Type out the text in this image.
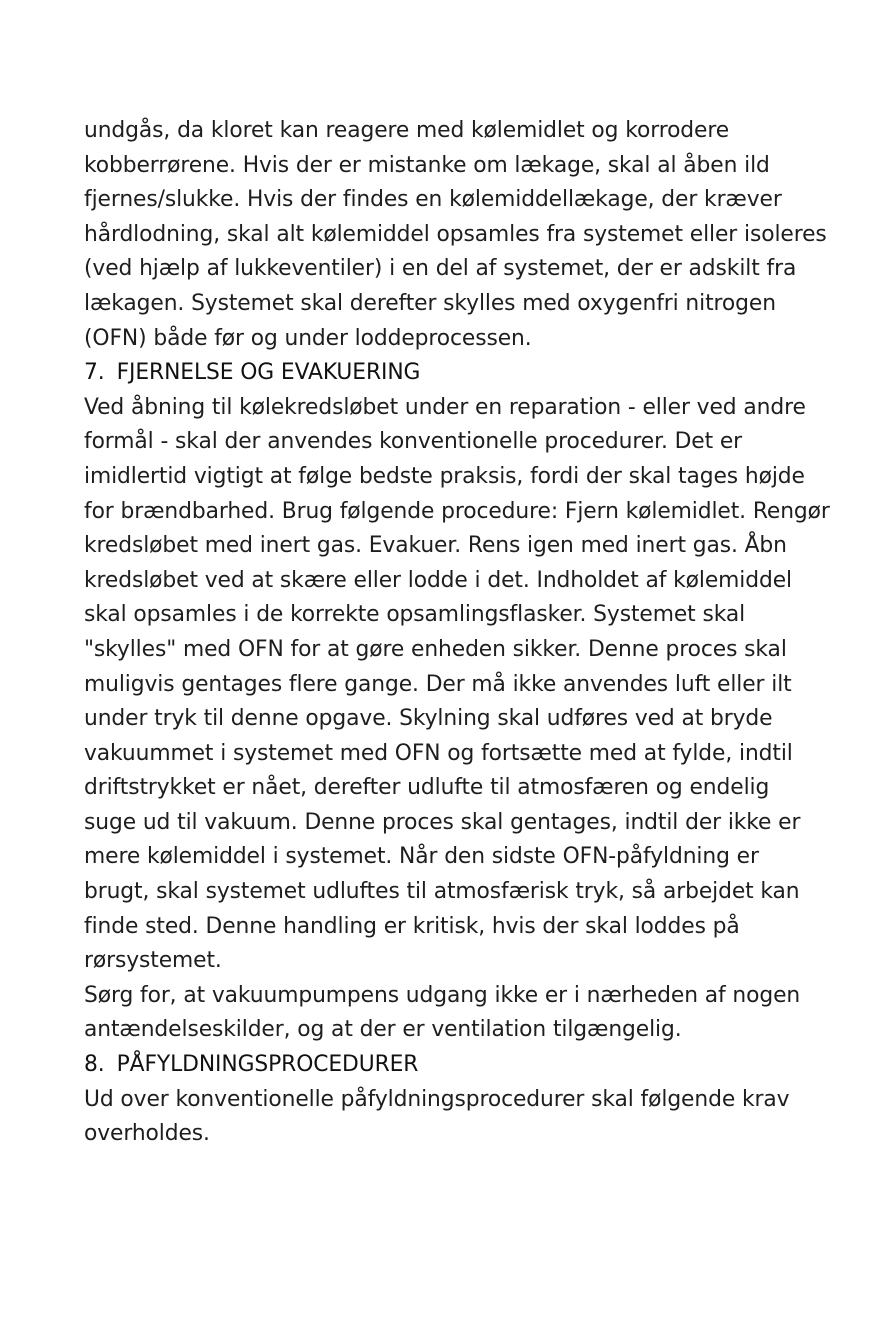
undgås, da kloret kan reagere med kølemidlet og korrodere
kobberrørene. Hvis der er mistanke om lækage, skal al åben ild
fjernes/slukke. Hvis der findes en kølemiddellækage, der kræver
hårdlodning, skal alt kølemiddel opsamles fra systemet eller isoleres
(ved hjælp af lukkeventiler) i en del af systemet, der er adskilt fra
lækagen. Systemet skal derefter skylles med oxygenfri nitrogen
(OFN) både før og under loddeprocessen.
7. FJERNELSE OG EVAKUERING
Ved åbning til kølekredsløbet under en reparation - eller ved andre
formål - skal der anvendes konventionelle procedurer. Det er
imidlertid vigtigt at følge bedste praksis, fordi der skal tages højde
for brændbarhed. Brug følgende procedure: Fjern kølemidlet. Rengør
kredsløbet med inert gas. Evakuer. Rens igen med inert gas. Åbn
kredsløbet ved at skære eller lodde i det. Indholdet af kølemiddel
skal opsamles i de korrekte opsamlingsflasker. Systemet skal
"skylles" med OFN for at gøre enheden sikker. Denne proces skal
muligvis gentages flere gange. Der må ikke anvendes luft eller ilt
under tryk til denne opgave. Skylning skal udføres ved at bryde
vakuummet i systemet med OFN og fortsætte med at fylde, indtil
driftstrykket er nået, derefter udlufte til atmosfæren og endelig
suge ud til vakuum. Denne proces skal gentages, indtil der ikke er
mere kølemiddel i systemet. Når den sidste OFN-påfyldning er
brugt, skal systemet udluftes til atmosfærisk tryk, så arbejdet kan
finde sted. Denne handling er kritisk, hvis der skal loddes på
rørsystemet.
Sørg for, at vakuumpumpens udgang ikke er i nærheden af nogen
antændelseskilder, og at der er ventilation tilgængelig.
8. PÅFYLDNINGSPROCEDURER
Ud over konventionelle påfyldningsprocedurer skal følgende krav
overholdes.
